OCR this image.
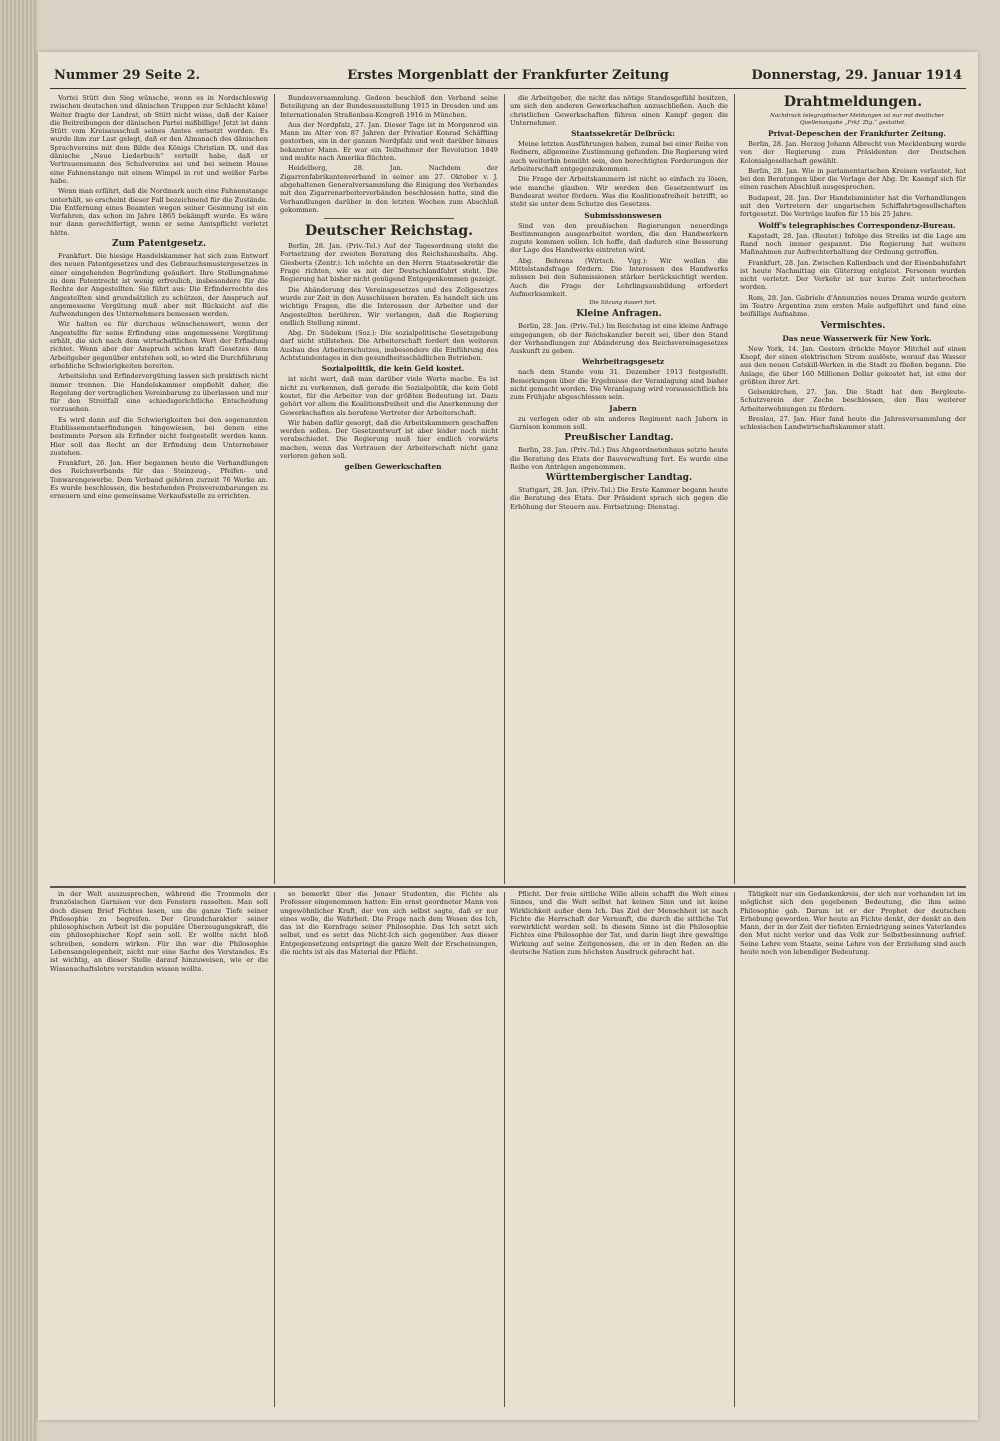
Nummer 29 Seite 2.	Erstes Morgenblatt der Frankfurter Zeitung	Donnerstag, 29. Januar 1914

Vortei Stütt den Sieg wünsche, wenn es in Nordschleswig zwischen deutschen und dänischen Truppen zur Schlacht käme! Weiter fragte der Landrat, ob Stütt nicht wisse, daß der Kaiser die Beitreibungen der dänischen Partei mißbillige! Jetzt ist dann Stütt vom Kreisausschuß seines Amtes entsetzt worden. Es wurde ihm zur Last gelegt, daß er den Almanach des dänischen Sprachvereins mit dem Bilde des Königs Christian IX. und das dänische „Neue Liederbuch“ verteilt habe, daß er Vertrauensmann des Schulvereins sei und bei seinem Hause eine Fahnenstange mit einem Wimpel in rot und weißer Farbe habe.

Wenn man erfährt, daß die Nordmark auch eine Fahnenstange unterhält, so erscheint dieser Fall bezeichnend für die Zustände. Die Entfernung eines Beamten wegen seiner Gesinnung ist ein Verfahren, das schon im Jahre 1865 bekämpft wurde. Es wäre nur dann gerechtfertigt, wenn er seine Amtspflicht verletzt hätte.

Zum Patentgesetz.

Frankfurt. Die hiesige Handelskammer hat sich zum Entwurf des neuen Patentgesetzes und des Gebrauchsmustergesetzes in einer eingehenden Begründung geäußert. Ihre Stellungnahme zu dem Patentrecht ist wenig erfreulich, insbesondere für die Rechte der Angestellten. Sie führt aus: Die Erfinderrechte des Angestellten sind grundsätzlich zu schützen, der Anspruch auf angemessene Vergütung muß aber mit Rücksicht auf die Aufwendungen des Unternehmers bemessen werden.

Wir halten es für durchaus wünschenswert, wenn der Angestellte für seine Erfindung eine angemessene Vergütung erhält, die sich nach dem wirtschaftlichen Wert der Erfindung richtet. Wenn aber der Anspruch schon kraft Gesetzes dem Arbeitgeber gegenüber entstehen soll, so wird die Durchführung erhebliche Schwierigkeiten bereiten.

Arbeitslohn und Erfindervergütung lassen sich praktisch nicht immer trennen. Die Handelskammer empfiehlt daher, die Regelung der vertraglichen Vereinbarung zu überlassen und nur für den Streitfall eine schiedsgerichtliche Entscheidung vorzusehen.

Es wird dann auf die Schwierigkeiten bei den sogenannten Etablissementserfindungen hingewiesen, bei denen eine bestimmte Person als Erfinder nicht festgestellt werden kann. Hier soll das Recht an der Erfindung dem Unternehmer zustehen.

Frankfurt, 26. Jan. Hier begannen heute die Verhandlungen des Reichsverbands für das Steinzeug-, Pfeifen- und Tonwarengewerbe. Dem Verband gehören zurzeit 76 Werke an. Es wurde beschlossen, die bestehenden Preisvereinbarungen zu erneuern und eine gemeinsame Verkaufsstelle zu errichten.

Bundesversammlung. Gedeon beschloß den Verband seine Beteiligung an der Bundesausstellung 1915 in Dresden und am Internationalen Straßenbau-Kongreß 1916 in München.

Aus der Nordpfalz, 27. Jan. Dieser Tage ist in Morgenrod ein Mann im Alter von 87 Jahren der Privatier Konrad Schäffling gestorben, ein in der ganzen Nordpfalz und weit darüber hinaus bekannter Mann. Er war ein Teilnehmer der Revolution 1849 und mußte nach Amerika flüchten.

Heidelberg, 28. Jan. Nachdem der Zigarrenfabrikantenverband in seiner am 27. Oktober v. J. abgehaltenen Generalversammlung die Einigung des Verbandes mit den Zigarrenarbeiterverbänden beschlossen hatte, sind die Verhandlungen darüber in den letzten Wochen zum Abschluß gekommen.

Deutscher Reichstag.

Berlin, 28. Jan. (Priv.-Tel.) Auf der Tagesordnung steht die Fortsetzung der zweiten Beratung des Reichshaushalts. Abg. Giesberts (Zentr.): Ich möchte an den Herrn Staatssekretär die Frage richten, wie es mit der Deutschlandfahrt steht. Die Regierung hat bisher nicht genügend Entgegenkommen gezeigt.

Die Abänderung des Vereinsgesetzes und des Zollgesetzes wurde zur Zeit in den Ausschüssen beraten. Es handelt sich um wichtige Fragen, die die Interessen der Arbeiter und der Angestellten berühren. Wir verlangen, daß die Regierung endlich Stellung nimmt.

Abg. Dr. Südekum (Soz.): Die sozialpolitische Gesetzgebung darf nicht stillstehen. Die Arbeiterschaft fordert den weiteren Ausbau des Arbeiterschutzes, insbesondere die Einführung des Achtstundentages in den gesundheitsschädlichen Betrieben.

Sozialpolitik, die kein Geld kostet.

ist nicht wert, daß man darüber viele Worte mache. Es ist nicht zu verkennen, daß gerade die Sozialpolitik, die kein Geld kostet, für die Arbeiter von der größten Bedeutung ist. Dazu gehört vor allem die Koalitionsfreiheit und die Anerkennung der Gewerkschaften als berufene Vertreter der Arbeiterschaft.

Wir haben dafür gesorgt, daß die Arbeitskammern geschaffen werden sollen. Der Gesetzentwurf ist aber leider noch nicht verabschiedet. Die Regierung muß hier endlich vorwärts machen, wenn das Vertrauen der Arbeiterschaft nicht ganz verloren gehen soll.

gelben Gewerkschaften

die Arbeitgeber, die nicht das nötige Standesgefühl besitzen, um sich den anderen Gewerkschaften anzuschließen. Auch die christlichen Gewerkschaften führen einen Kampf gegen die Unternehmer.

Staatssekretär Delbrück:

Meine letzten Ausführungen haben, zumal bei einer Reihe von Rednern, allgemeine Zustimmung gefunden. Die Regierung wird auch weiterhin bemüht sein, den berechtigten Forderungen der Arbeiterschaft entgegenzukommen.

Die Frage der Arbeitskammern ist nicht so einfach zu lösen, wie manche glauben. Wir werden den Gesetzentwurf im Bundesrat weiter fördern. Was die Koalitionsfreiheit betrifft, so steht sie unter dem Schutze des Gesetzes.

Submissionswesen

Sind von den preußischen Regierungen neuerdings Bestimmungen ausgearbeitet worden, die den Handwerkern zugute kommen sollen. Ich hoffe, daß dadurch eine Besserung der Lage des Handwerks eintreten wird.

Abg. Behrens (Wirtsch. Vgg.): Wir wollen die Mittelstandsfrage fördern. Die Interessen des Handwerks müssen bei den Submissionen stärker berücksichtigt werden. Auch die Frage der Lehrlingsausbildung erfordert Aufmerksamkeit.

Die Sitzung dauert fort.

Kleine Anfragen.

Berlin, 28. Jan. (Priv.-Tel.) Im Reichstag ist eine kleine Anfrage eingegangen, ob der Reichskanzler bereit sei, über den Stand der Verhandlungen zur Abänderung des Reichsvereinsgesetzes Auskunft zu geben.

Wehrbeitragsgesetz

nach dem Stande vom 31. Dezember 1913 festgestellt. Bemerkungen über die Ergebnisse der Veranlagung sind bisher nicht gemacht worden. Die Veranlagung wird voraussichtlich bis zum Frühjahr abgeschlossen sein.

Jabern

zu verlegen oder ob ein anderes Regiment nach Jabern in Garnison kommen soll.

Preußischer Landtag.

Berlin, 28. Jan. (Priv.-Tel.) Das Abgeordnetenhaus setzte heute die Beratung des Etats der Bauverwaltung fort. Es wurde eine Reihe von Anträgen angenommen.

Württembergischer Landtag.

Stuttgart, 28. Jan. (Priv.-Tel.) Die Erste Kammer begann heute die Beratung des Etats. Der Präsident sprach sich gegen die Erhöhung der Steuern aus. Fortsetzung: Dienstag.

Drahtmeldungen.

Nachdruck telegraphischer Meldungen ist nur mit deutlicher Quellenangabe „Frkf. Ztg.“ gestattet.

Privat-Depeschen der Frankfurter Zeitung.

Berlin, 28. Jan. Herzog Johann Albrecht von Mecklenburg wurde von der Regierung zum Präsidenten der Deutschen Kolonialgesellschaft gewählt.

Berlin, 28. Jan. Wie in parlamentarischen Kreisen verlautet, hat bei den Beratungen über die Vorlage der Abg. Dr. Kaempf sich für einen raschen Abschluß ausgesprochen.

Budapest, 28. Jan. Der Handelsminister hat die Verhandlungen mit den Vertretern der ungarischen Schiffahrtsgesellschaften fortgesetzt. Die Verträge laufen für 15 bis 25 Jahre.

Wolff's telegraphisches Correspondenz-Bureau.

Kapstadt, 28. Jan. (Reuter.) Infolge des Streiks ist die Lage am Rand noch immer gespannt. Die Regierung hat weitere Maßnahmen zur Aufrechterhaltung der Ordnung getroffen.

Frankfurt, 28. Jan. Zwischen Kallenbach und der Eisenbahnfahrt ist heute Nachmittag ein Güterzug entgleist. Personen wurden nicht verletzt. Der Verkehr ist nur kurze Zeit unterbrochen worden.

Rom, 28. Jan. Gabriele d'Annunzios neues Drama wurde gestern im Teatro Argentina zum ersten Male aufgeführt und fand eine beifällige Aufnahme.

Vermischtes.

Das neue Wasserwerk für New York.

New York, 14. Jan. Gestern drückte Mayor Mitchel auf einen Knopf, der einen elektrischen Strom auslöste, worauf das Wasser aus den neuen Catskill-Werken in die Stadt zu fließen begann. Die Anlage, die über 160 Millionen Dollar gekostet hat, ist eine der größten ihrer Art.

Gelsenkirchen, 27. Jan. Die Stadt hat den Bergleute-Schutzverein der Zeche beschlossen, den Bau weiterer Arbeiterwohnungen zu fördern.

Breslau, 27. Jan. Hier fand heute die Jahresversammlung der schlesischen Landwirtschaftskammer statt.

in der Welt auszusprechen, während die Trommeln der französischen Garnison vor den Fenstern rasselten. Man soll doch diesen Brief Fichtes lesen, um die ganze Tiefe seiner Philosophie zu begreifen. Der Grundcharakter seiner philosophischen Arbeit ist die populäre Überzeugungskraft, die ein philosophischer Kopf sein soll. Er wollte nicht bloß schreiben, sondern wirken. Für ihn war die Philosophie Lebensangelegenheit, nicht nur eine Sache des Verstandes. Es ist wichtig, an dieser Stelle darauf hinzuweisen, wie er die Wissenschaftslehre verstanden wissen wollte.

so bemerkt über die Jenaer Studenten, die Fichte als Professor eingenommen hatten: Ein ernst geordneter Mann von ungewöhnlicher Kraft, der von sich selbst sagte, daß er nur eines wolle, die Wahrheit. Die Frage nach dem Wesen des Ich, das ist die Kernfrage seiner Philosophie. Das Ich setzt sich selbst, und es setzt das Nicht-Ich sich gegenüber. Aus dieser Entgegensetzung entspringt die ganze Welt der Erscheinungen, die nichts ist als das Material der Pflicht.

Pflicht. Der freie sittliche Wille allein schafft die Welt eines Sinnes, und die Welt selbst hat keinen Sinn und ist keine Wirklichkeit außer dem Ich. Das Ziel der Menschheit ist nach Fichte die Herrschaft der Vernunft, die durch die sittliche Tat verwirklicht werden soll. In diesem Sinne ist die Philosophie Fichtes eine Philosophie der Tat, und darin liegt ihre gewaltige Wirkung auf seine Zeitgenossen, die er in den Reden an die deutsche Nation zum höchsten Ausdruck gebracht hat.

Tätigkeit nur ein Gedankenkreis, der sich nur vorhanden ist im möglichst sich den gegebenen Bedeutung, die ihm seine Philosophie gab. Darum ist er der Prophet der deutschen Erhebung geworden. Wer heute an Fichte denkt, der denkt an den Mann, der in der Zeit der tiefsten Erniedrigung seines Vaterlandes den Mut nicht verlor und das Volk zur Selbstbesinnung aufrief. Seine Lehre vom Staate, seine Lehre von der Erziehung sind auch heute noch von lebendiger Bedeutung.
